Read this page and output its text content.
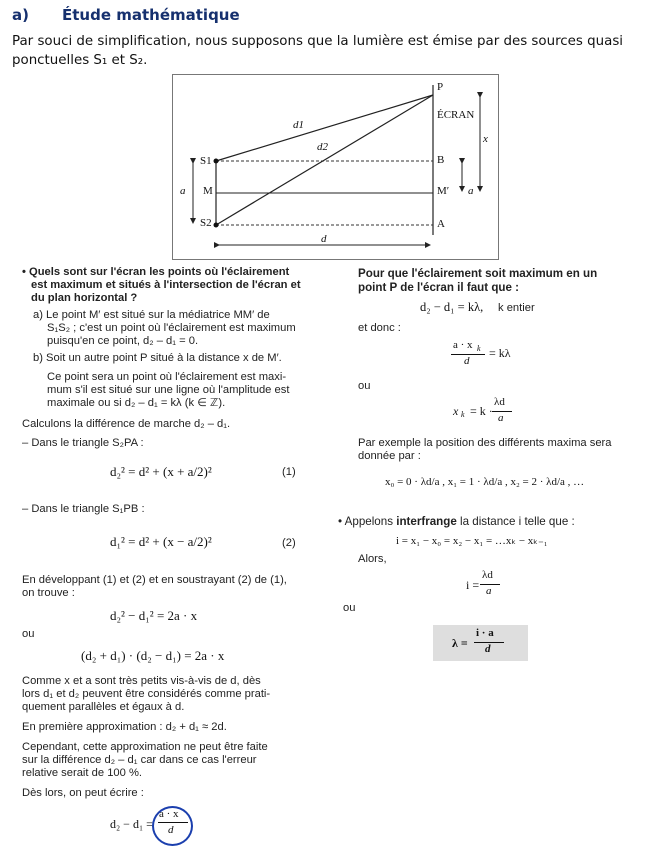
a) Étude mathématique
Par souci de simplification, nous supposons que la lumière est émise par des sources quasi
ponctuelles S₁ et S₂.
P
ÉCRAN
x
d1
d2
S1
S2
B
M	M′
a	a
A
d
• Quels sont sur l'écran les points où l'éclairement
est maximum et situés à l'intersection de l'écran et
du plan horizontal ?
a) Le point M′ est situé sur la médiatrice MM′ de
S₁S₂ ; c'est un point où l'éclairement est maximum
puisqu'en ce point, d₂ – d₁ = 0.
b) Soit un autre point P situé à la distance x de M′.
Ce point sera un point où l'éclairement est maxi-
mum s'il est situé sur une ligne où l'amplitude est
maximale ou si d₂ – d₁ = kλ (k ∈ ℤ).
Calculons la différence de marche d₂ – d₁.
– Dans le triangle S₂PA :
d₂² = d² + (x + a/2)²	(1)
– Dans le triangle S₁PB :
d₁² = d² + (x − a/2)²	(2)
En développant (1) et (2) et en soustrayant (2) de (1),
on trouve :
d₂² − d₁² = 2a · x
ou
(d₂ + d₁) · (d₂ − d₁) = 2a · x
Comme x et a sont très petits vis-à-vis de d, dès
lors d₁ et d₂ peuvent être considérés comme prati-
quement parallèles et égaux à d.
En première approximation : d₂ + d₁ ≈ 2d.
Cependant, cette approximation ne peut être faite
sur la différence d₂ – d₁ car dans ce cas l'erreur
relative serait de 100 %.
Dès lors, on peut écrire :
d₂ − d₁ =
a · x
d
Pour que l'éclairement soit maximum en un
point P de l'écran il faut que :
d₂ − d₁ = kλ, k entier
et donc :
a · x k
d
= kλ
ou
x k = k ·
λd
a
Par exemple la position des différents maxima sera
donnée par :
x₀ = 0 · λd/a , x₁ = 1 · λd/a , x₂ = 2 · λd/a , …
• Appelons interfrange la distance i telle que :
i = x₁ − x₀ = x₂ − x₁ = …xₖ − xₖ₋₁
Alors,
i =
λd
a
ou
λ =
i · a
d
